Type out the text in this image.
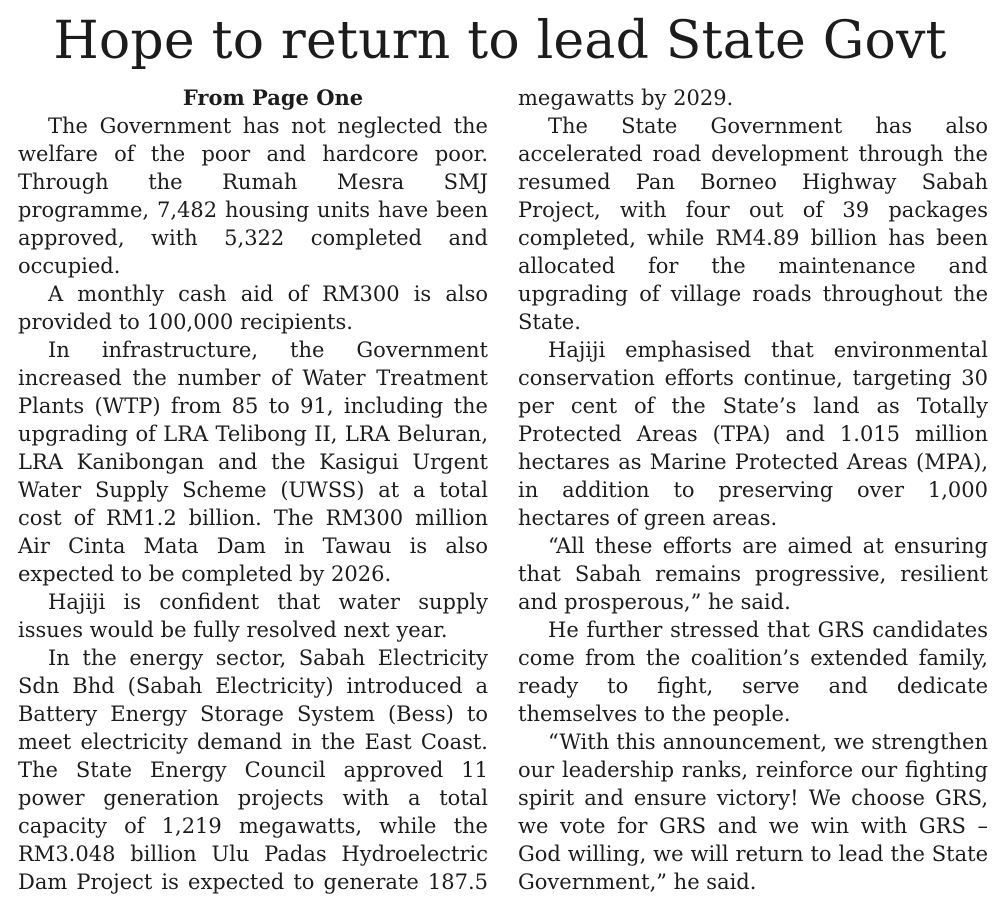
Hope to return to lead State Govt

From Page One

The Government has not neglected the welfare of the poor and hardcore poor. Through the Rumah Mesra SMJ programme, 7,482 housing units have been approved, with 5,322 completed and occupied.

A monthly cash aid of RM300 is also provided to 100,000 recipients.

In infrastructure, the Government increased the number of Water Treatment Plants (WTP) from 85 to 91, including the upgrading of LRA Telibong II, LRA Beluran, LRA Kanibongan and the Kasigui Urgent Water Supply Scheme (UWSS) at a total cost of RM1.2 billion. The RM300 million Air Cinta Mata Dam in Tawau is also expected to be completed by 2026.

Hajiji is confident that water supply issues would be fully resolved next year.

In the energy sector, Sabah Electricity Sdn Bhd (Sabah Electricity) introduced a Battery Energy Storage System (Bess) to meet electricity demand in the East Coast. The State Energy Council approved 11 power generation projects with a total capacity of 1,219 megawatts, while the RM3.048 billion Ulu Padas Hydroelectric Dam Project is expected to generate 187.5

megawatts by 2029.

The State Government has also accelerated road development through the resumed Pan Borneo Highway Sabah Project, with four out of 39 packages completed, while RM4.89 billion has been allocated for the maintenance and upgrading of village roads throughout the State.

Hajiji emphasised that environmental conservation efforts continue, targeting 30 per cent of the State’s land as Totally Protected Areas (TPA) and 1.015 million hectares as Marine Protected Areas (MPA), in addition to preserving over 1,000 hectares of green areas.

“All these efforts are aimed at ensuring that Sabah remains progressive, resilient and prosperous,” he said.

He further stressed that GRS candidates come from the coalition’s extended family, ready to fight, serve and dedicate themselves to the people.

“With this announcement, we strengthen our leadership ranks, reinforce our fighting spirit and ensure victory! We choose GRS, we vote for GRS and we win with GRS – God willing, we will return to lead the State Government,” he said.
